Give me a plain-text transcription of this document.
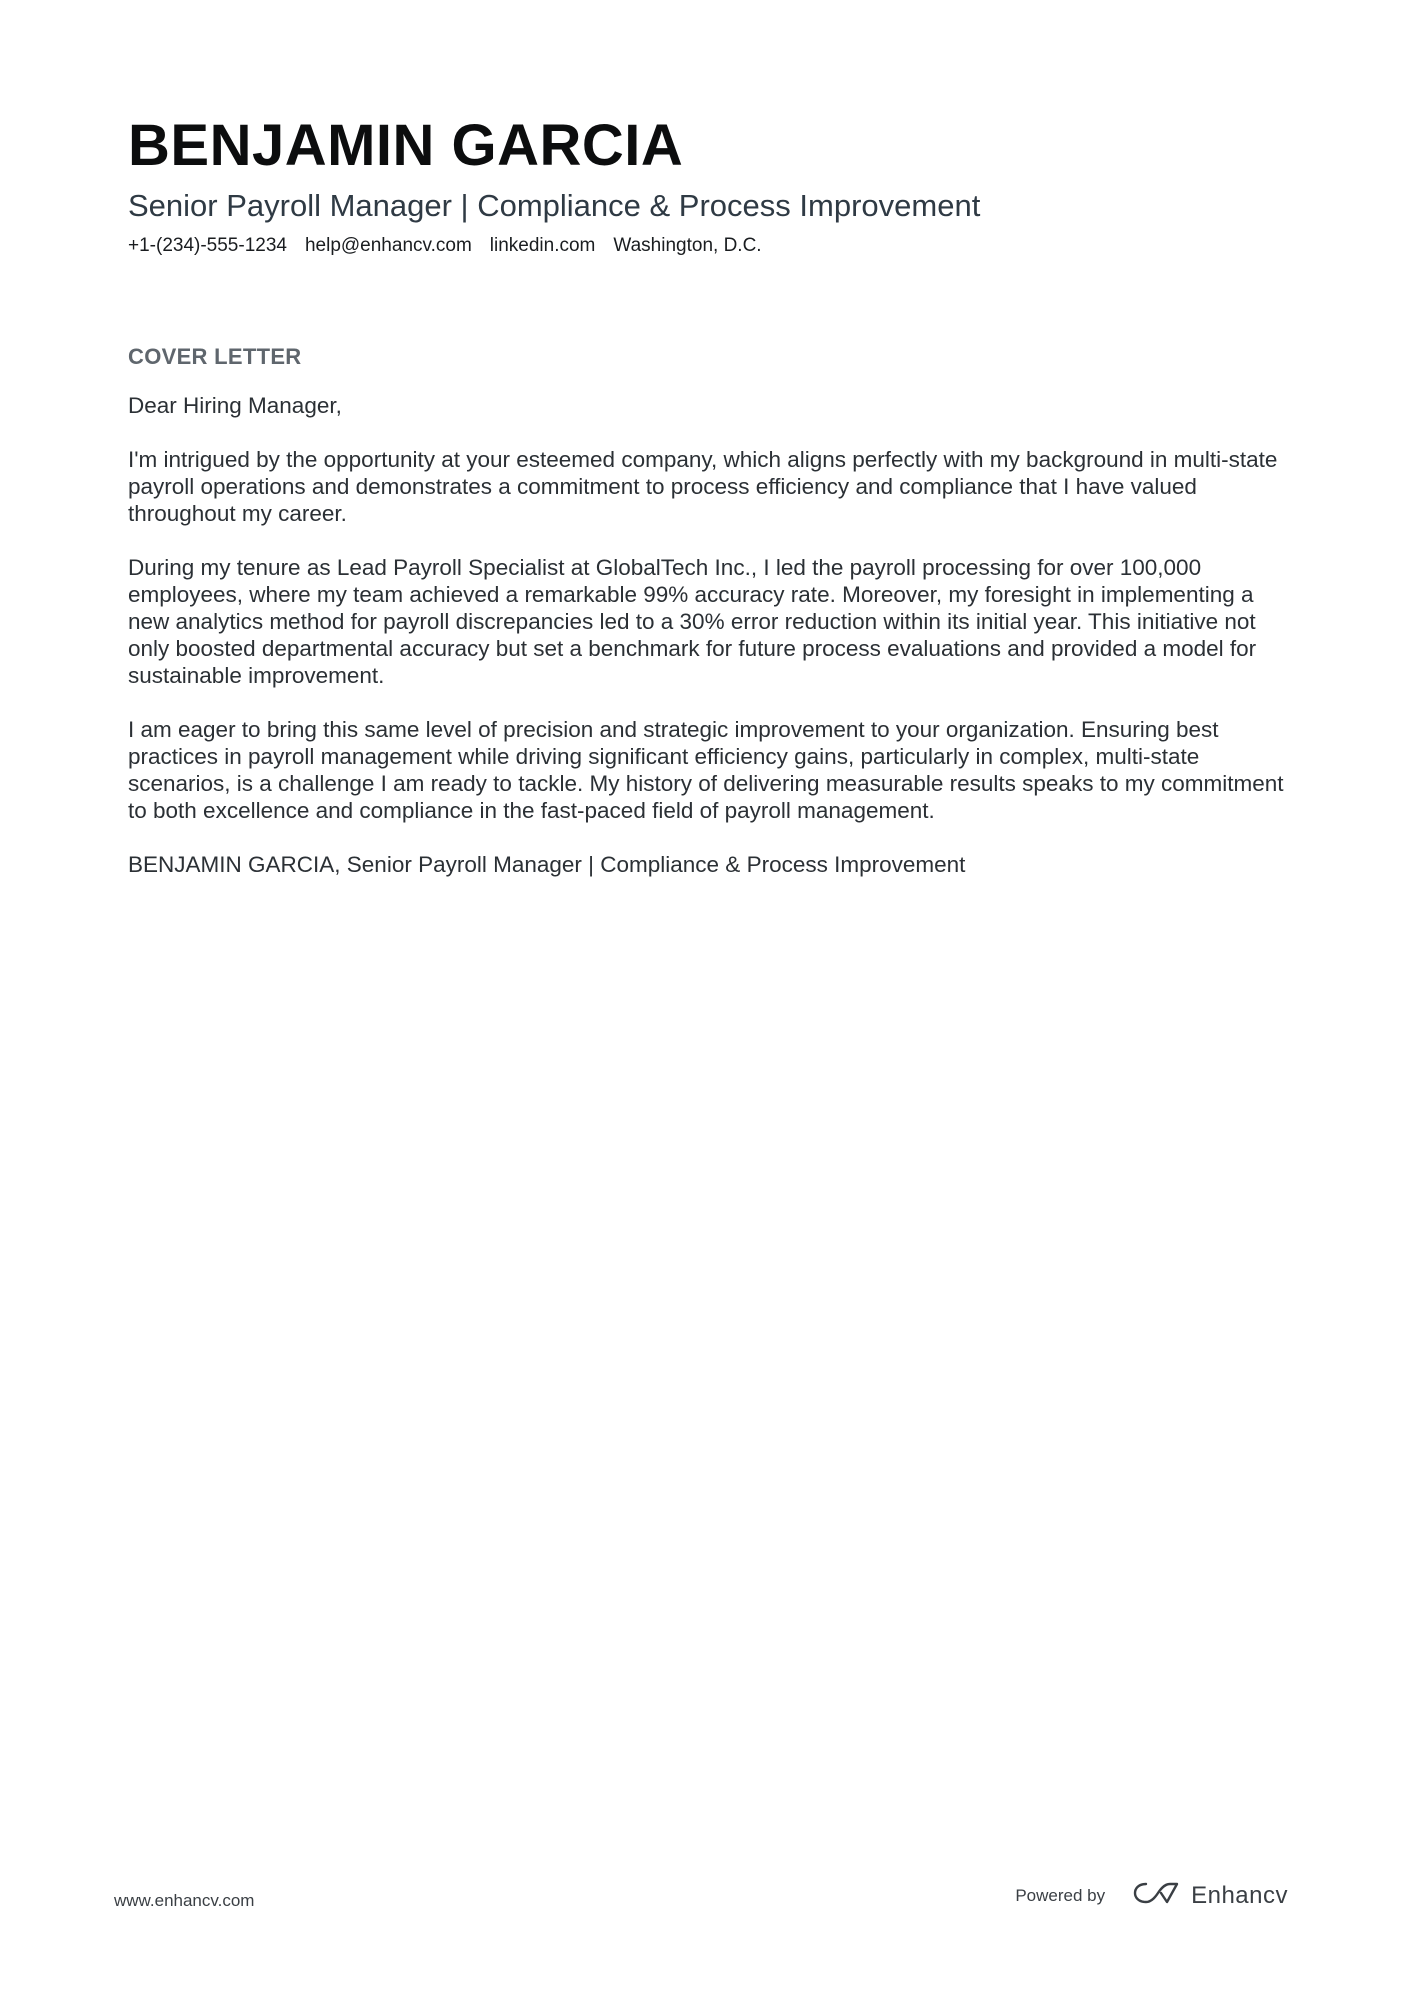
BENJAMIN GARCIA
Senior Payroll Manager | Compliance & Process Improvement
+1-(234)-555-1234 help@enhancv.com linkedin.com Washington, D.C.
COVER LETTER

Dear Hiring Manager,

I'm intrigued by the opportunity at your esteemed company, which aligns perfectly with my background in multi-state payroll operations and demonstrates a commitment to process efficiency and compliance that I have valued throughout my career.

During my tenure as Lead Payroll Specialist at GlobalTech Inc., I led the payroll processing for over 100,000 employees, where my team achieved a remarkable 99% accuracy rate. Moreover, my foresight in implementing a new analytics method for payroll discrepancies led to a 30% error reduction within its initial year. This initiative not only boosted departmental accuracy but set a benchmark for future process evaluations and provided a model for sustainable improvement.

I am eager to bring this same level of precision and strategic improvement to your organization. Ensuring best practices in payroll management while driving significant efficiency gains, particularly in complex, multi-state scenarios, is a challenge I am ready to tackle. My history of delivering measurable results speaks to my commitment to both excellence and compliance in the fast-paced field of payroll management.

BENJAMIN GARCIA, Senior Payroll Manager | Compliance & Process Improvement

www.enhancv.com	Powered by	Enhancv
